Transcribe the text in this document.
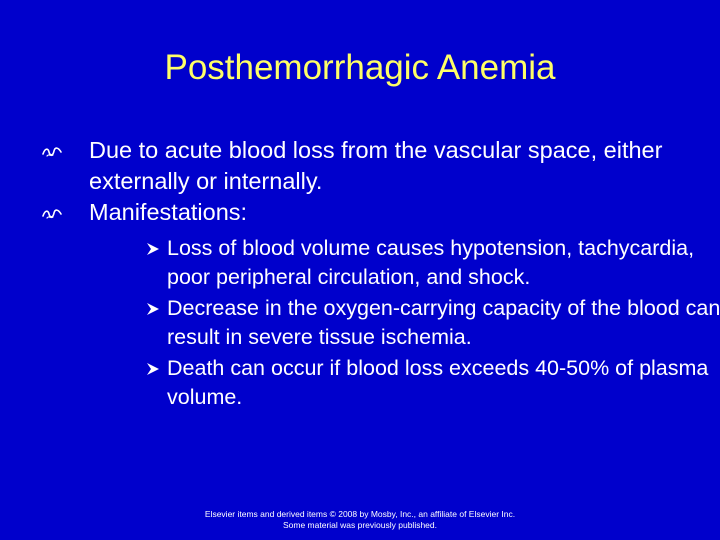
Posthemorrhagic Anemia
Due to acute blood loss from the vascular space, either externally or internally.
Manifestations:
Loss of blood volume causes hypotension, tachycardia, poor peripheral circulation, and shock.
Decrease in the oxygen-carrying capacity of the blood can result in severe tissue ischemia.
Death can occur if blood loss exceeds 40-50% of plasma volume.
Elsevier items and derived items © 2008 by Mosby, Inc., an affiliate of Elsevier Inc.
Some material was previously published.
